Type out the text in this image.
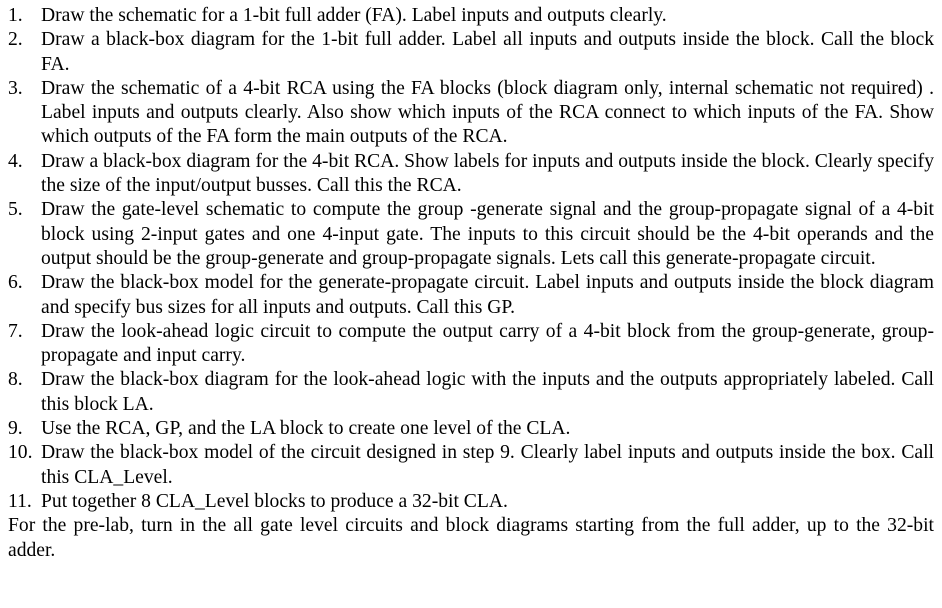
1. Draw the schematic for a 1-bit full adder (FA). Label inputs and outputs clearly.
2. Draw a black-box diagram for the 1-bit full adder. Label all inputs and outputs inside the block. Call the block FA.
3. Draw the schematic of a 4-bit RCA using the FA blocks (block diagram only, internal schematic not required) . Label inputs and outputs clearly. Also show which inputs of the RCA connect to which inputs of the FA. Show which outputs of the FA form the main outputs of the RCA.
4. Draw a black-box diagram for the 4-bit RCA. Show labels for inputs and outputs inside the block. Clearly specify the size of the input/output busses. Call this the RCA.
5. Draw the gate-level schematic to compute the group -generate signal and the group-propagate signal of a 4-bit block using 2-input gates and one 4-input gate. The inputs to this circuit should be the 4-bit operands and the output should be the group-generate and group-propagate signals. Lets call this generate-propagate circuit.
6. Draw the black-box model for the generate-propagate circuit. Label inputs and outputs inside the block diagram and specify bus sizes for all inputs and outputs. Call this GP.
7. Draw the look-ahead logic circuit to compute the output carry of a 4-bit block from the group-generate, group-propagate and input carry.
8. Draw the black-box diagram for the look-ahead logic with the inputs and the outputs appropriately labeled. Call this block LA.
9. Use the RCA, GP, and the LA block to create one level of the CLA.
10. Draw the black-box model of the circuit designed in step 9. Clearly label inputs and outputs inside the box. Call this CLA_Level.
11. Put together 8 CLA_Level blocks to produce a 32-bit CLA.
For the pre-lab, turn in the all gate level circuits and block diagrams starting from the full adder, up to the 32-bit adder.
